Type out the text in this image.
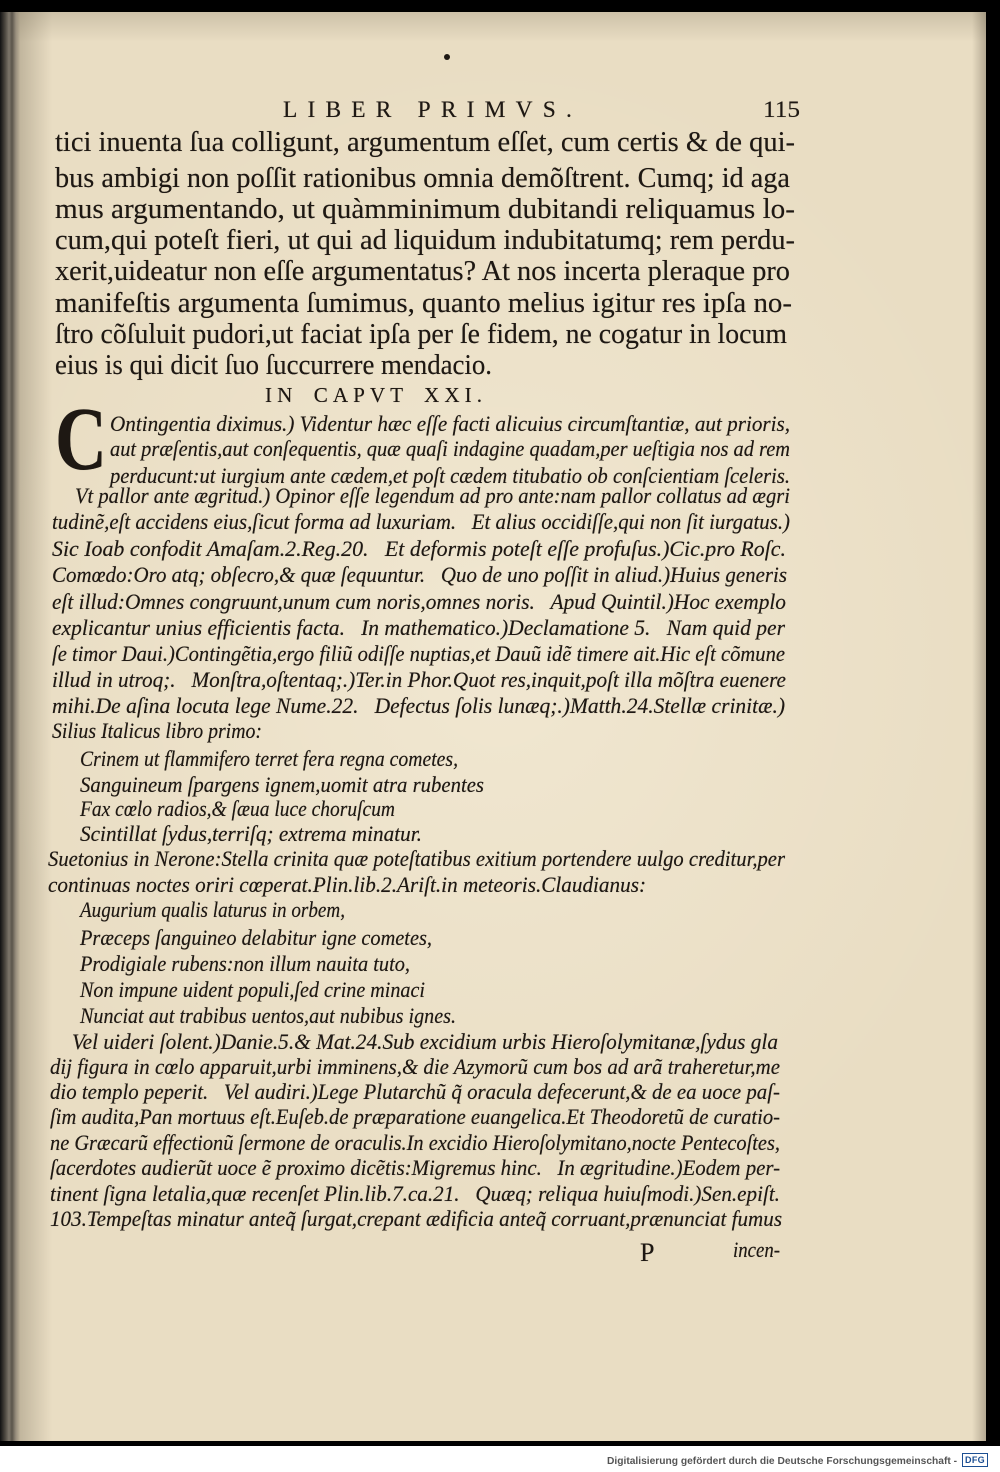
LIBER PRIMVS.	115
tici inuenta ſua colligunt, argumentum eſſet, cum certis & de qui-
bus ambigi non poſſit rationibus omnia demõſtrent. Cumq; id aga
mus argumentando, ut quàmminimum dubitandi reliquamus lo-
cum,qui poteſt fieri, ut qui ad liquidum indubitatumq; rem perdu-
xerit,uideatur non eſſe argumentatus? At nos incerta pleraque pro
manifeſtis argumenta ſumimus, quanto melius igitur res ipſa no-
ſtro cõſuluit pudori,ut faciat ipſa per ſe fidem, ne cogatur in locum
eius is qui dicit ſuo ſuccurrere mendacio.
IN CAPVT XXI.
C Ontingentia diximus.) Videntur hæc eſſe facti alicuius circumſtantiæ, aut prioris,
aut præſentis,aut conſequentis, quæ quaſi indagine quadam,per ueſtigia nos ad rem
perducunt:ut iurgium ante cædem,et poſt cædem titubatio ob conſcientiam ſceleris.
Vt pallor ante ægritud.) Opinor eſſe legendum ad pro ante:nam pallor collatus ad ægri
tudinẽ,eſt accidens eius,ſicut forma ad luxuriam.   Et alius occidiſſe,qui non ſit iurgatus.)
Sic Ioab confodit Amaſam.2.Reg.20.   Et deformis poteſt eſſe profuſus.)Cic.pro Roſc.
Comœdo:Oro atq; obſecro,& quæ ſequuntur.   Quo de uno poſſit in aliud.)Huius generis
eſt illud:Omnes congruunt,unum cum noris,omnes noris.   Apud Quintil.)Hoc exemplo
explicantur unius efficientis facta.   In mathematico.)Declamatione 5.   Nam quid per
ſe timor Daui.)Contingẽtia,ergo filiũ odiſſe nuptias,et Dauũ idẽ timere ait.Hic eſt cõmune
illud in utroq;.   Monſtra,oſtentaq;.)Ter.in Phor.Quot res,inquit,poſt illa mõſtra euenere
mihi.De aſina locuta lege Nume.22.   Defectus ſolis lunæq;.)Matth.24.Stellæ crinitæ.)
Silius Italicus libro primo:
Crinem ut flammifero terret fera regna cometes,
Sanguineum ſpargens ignem,uomit atra rubentes
Fax cœlo radios,& ſæua luce choruſcum
Scintillat ſydus,terriſq; extrema minatur.
Suetonius in Nerone:Stella crinita quæ poteſtatibus exitium portendere uulgo creditur,per
continuas noctes oriri cœperat.Plin.lib.2.Ariſt.in meteoris.Claudianus:
Augurium qualis laturus in orbem,
Præceps ſanguineo delabitur igne cometes,
Prodigiale rubens:non illum nauita tuto,
Non impune uident populi,ſed crine minaci
Nunciat aut trabibus uentos,aut nubibus ignes.
Vel uideri ſolent.)Danie.5.& Mat.24.Sub excidium urbis Hieroſolymitanæ,ſydus gla
dij figura in cœlo apparuit,urbi imminens,& die Azymorũ cum bos ad arã traheretur,me
dio templo peperit.   Vel audiri.)Lege Plutarchũ q̃ oracula defecerunt,& de ea uoce paſ-
ſim audita,Pan mortuus eſt.Euſeb.de præparatione euangelica.Et Theodoretũ de curatio-
ne Græcarũ effectionũ ſermone de oraculis.In excidio Hieroſolymitano,nocte Pentecoſtes,
ſacerdotes audierũt uoce ẽ proximo dicẽtis:Migremus hinc.   In ægritudine.)Eodem per-
tinent ſigna letalia,quæ recenſet Plin.lib.7.ca.21.   Quæq; reliqua huiuſmodi.)Sen.epiſt.
103.Tempeſtas minatur anteq̃ ſurgat,crepant ædificia anteq̃ corruant,prænunciat fumus
P	incen-
Digitalisierung gefördert durch die Deutsche Forschungsgemeinschaft - DFG
